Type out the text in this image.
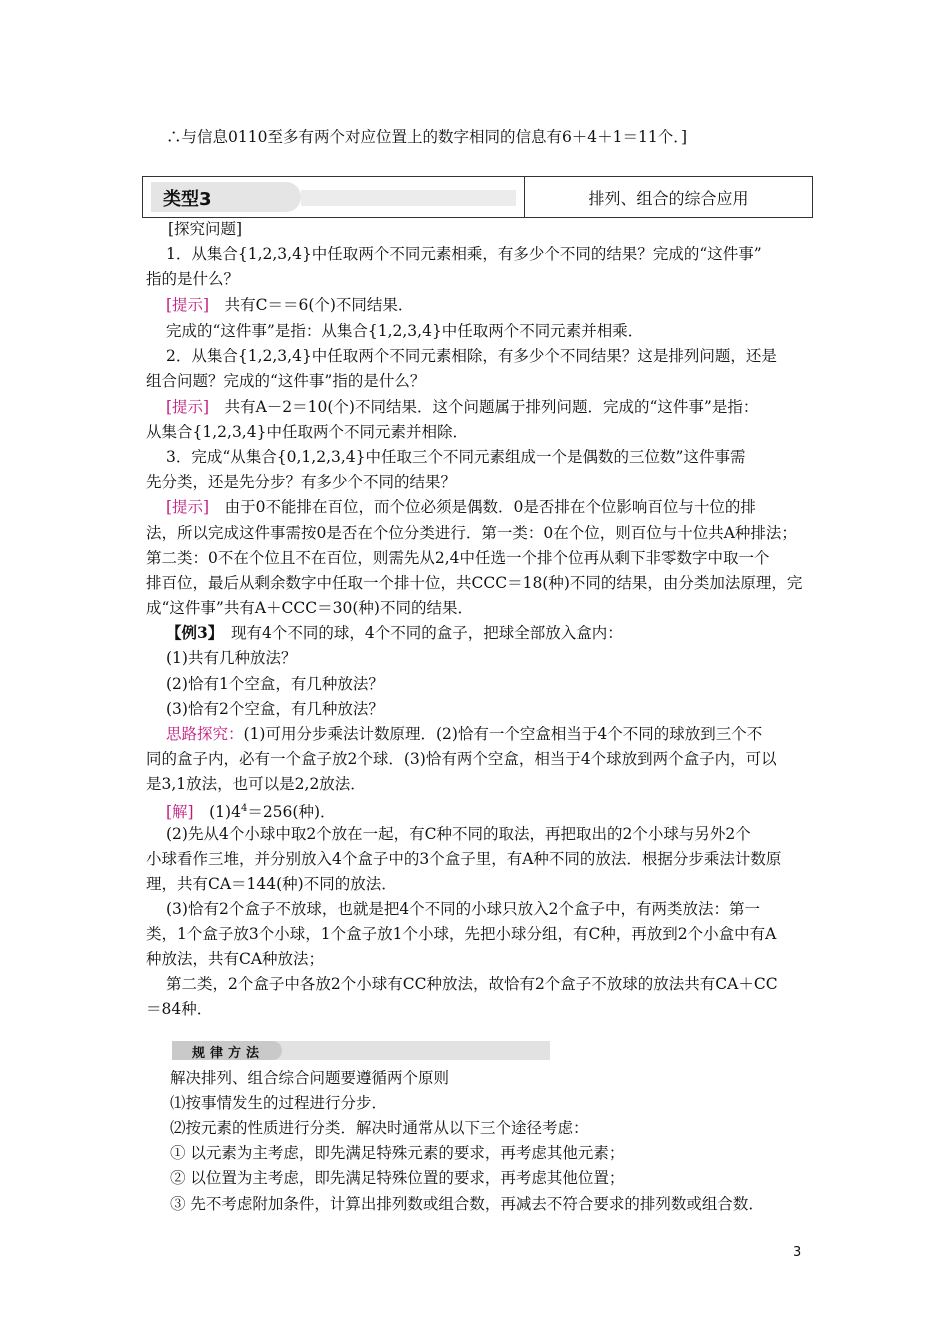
∴与信息0110至多有两个对应位置上的数字相同的信息有6＋4＋1＝11个．]
类型3	排列、组合的综合应用
[探究问题]
1．从集合{1,2,3,4}中任取两个不同元素相乘，有多少个不同的结果？完成的“这件事”
指的是什么？
[提示]　共有C＝＝6(个)不同结果．
完成的“这件事”是指：从集合{1,2,3,4}中任取两个不同元素并相乘．
2．从集合{1,2,3,4}中任取两个不同元素相除，有多少个不同结果？这是排列问题，还是
组合问题？完成的“这件事”指的是什么？
[提示]　共有A－2＝10(个)不同结果．这个问题属于排列问题．完成的“这件事”是指：
从集合{1,2,3,4}中任取两个不同元素并相除．
3．完成“从集合{0,1,2,3,4}中任取三个不同元素组成一个是偶数的三位数”这件事需
先分类，还是先分步？有多少个不同的结果？
[提示]　由于0不能排在百位，而个位必须是偶数．0是否排在个位影响百位与十位的排
法，所以完成这件事需按0是否在个位分类进行．第一类：0在个位，则百位与十位共A种排法；
第二类：0不在个位且不在百位，则需先从2,4中任选一个排个位再从剩下非零数字中取一个
排百位，最后从剩余数字中任取一个排十位，共CCC＝18(种)不同的结果，由分类加法原理，完
成“这件事”共有A＋CCC＝30(种)不同的结果．
【例3】　现有4个不同的球，4个不同的盒子，把球全部放入盒内：
(1)共有几种放法？
(2)恰有1个空盒，有几种放法？
(3)恰有2个空盒，有几种放法？
思路探究：(1)可用分步乘法计数原理．(2)恰有一个空盒相当于4个不同的球放到三个不
同的盒子内，必有一个盒子放2个球．(3)恰有两个空盒，相当于4个球放到两个盒子内，可以
是3,1放法，也可以是2,2放法．
[解]　$(1)4^4=256$(种)．
(2)先从4个小球中取2个放在一起，有C种不同的取法，再把取出的2个小球与另外2个
小球看作三堆，并分别放入4个盒子中的3个盒子里，有A种不同的放法．根据分步乘法计数原
理，共有CA＝144(种)不同的放法．
(3)恰有2个盒子不放球，也就是把4个不同的小球只放入2个盒子中，有两类放法：第一
类，1个盒子放3个小球，1个盒子放1个小球，先把小球分组，有C种，再放到2个小盒中有A
种放法，共有CA种放法；
第二类，2个盒子中各放2个小球有CC种放法，故恰有2个盒子不放球的放法共有CA＋CC
＝84种．
规律方法
解决排列、组合综合问题要遵循两个原则
⑴按事情发生的过程进行分步．
⑵按元素的性质进行分类．解决时通常从以下三个途径考虑：
① 以元素为主考虑，即先满足特殊元素的要求，再考虑其他元素；
② 以位置为主考虑，即先满足特殊位置的要求，再考虑其他位置；
③ 先不考虑附加条件，计算出排列数或组合数，再减去不符合要求的排列数或组合数．
3
